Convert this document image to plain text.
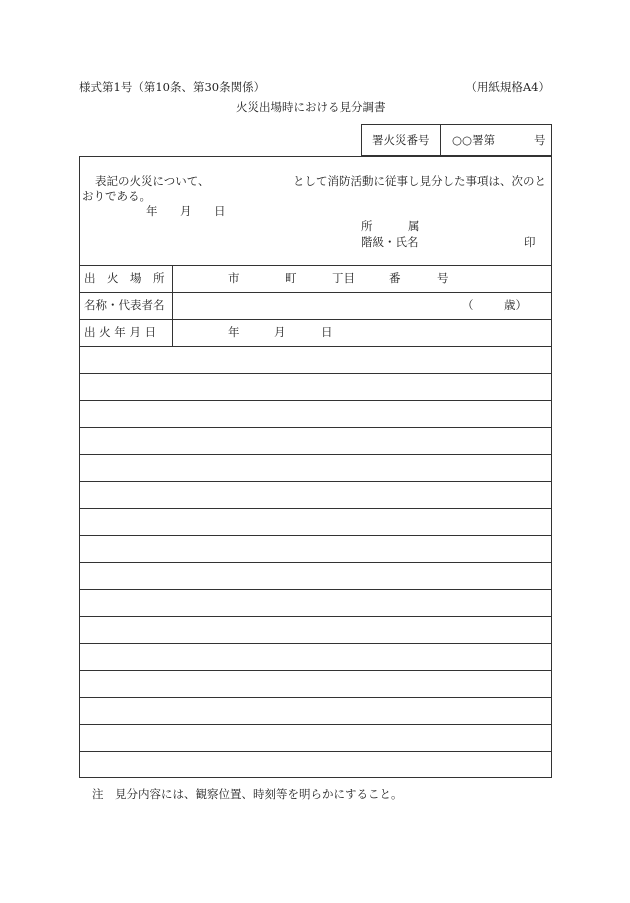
様式第1号（第10条、第30条関係）	（用紙規格A4）
火災出場時における見分調書
署火災番号 ○○署第	号
表記の火災について、	として消防活動に従事し見分した事項は、次のと
おりである。
年 月 日
所	属
階級・氏名	印
出　火　場　所	市	町	丁目	番	号
名称・代表者名	（	歳）
出 火 年 月 日	年	月	日
注　見分内容には、観察位置、時刻等を明らかにすること。
